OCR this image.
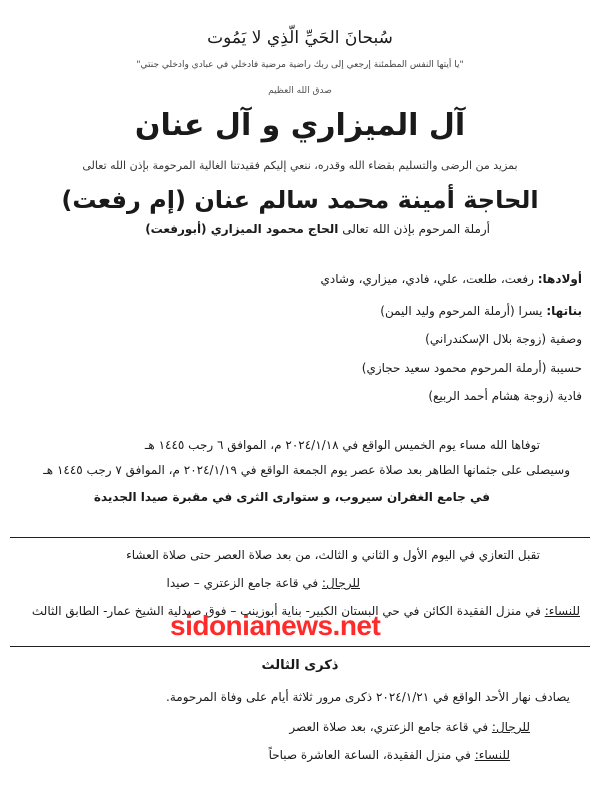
سُبحانَ الحَيِّ الّذِي لا يَمُوت
"يا أيتها النفس المطمئنة إرجعي إلى ربك راضية مرضية فادخلي في عبادي وادخلي جنتي"
صدق الله العظيم
آل الميزاري و آل عنان
بمزيد من الرضى والتسليم بقضاء الله وقدره، ننعي إليكم فقيدتنا الغالية المرحومة بإذن الله تعالى
الحاجة أمينة محمد سالم عنان (إم رفعت)
أرملة المرحوم بإذن الله تعالى الحاج محمود الميزاري (أبورفعت)
أولادها: رفعت، طلعت، علي، فادي، ميزاري، وشادي
بناتها: يسرا (أرملة المرحوم وليد اليمن)
وصفية (زوجة بلال الإسكندراني)
حسيبة (أرملة المرحوم محمود سعيد حجازي)
فادية (زوجة هشام أحمد الربيع)
توفاها الله مساء يوم الخميس الواقع في ٢٠٢٤/١/١٨ م، الموافق ٦ رجب ١٤٤٥ هـ
وسيصلى على جثمانها الطاهر بعد صلاة عصر يوم الجمعة الواقع في ٢٠٢٤/١/١٩ م، الموافق ٧ رجب ١٤٤٥ هـ
في جامع الغفران سيروب، و ستوارى الثرى في مقبرة صيدا الجديدة
تقبل التعازي في اليوم الأول و الثاني و الثالث، من بعد صلاة العصر حتى صلاة العشاء
للرجال: في قاعة جامع الزعتري – صيدا
للنساء: في منزل الفقيدة الكائن في حي البستان الكبير- بناية أبوزينب – فوق صيدلية الشيخ عمار- الطابق الثالث
ذكرى الثالث
يصادف نهار الأحد الواقع في ٢٠٢٤/١/٢١ ذكرى مرور ثلاثة أيام على وفاة المرحومة.
للرجال: في قاعة جامع الزعتري، بعد صلاة العصر
للنساء: في منزل الفقيدة، الساعة العاشرة صباحاً
sidonianews.net
